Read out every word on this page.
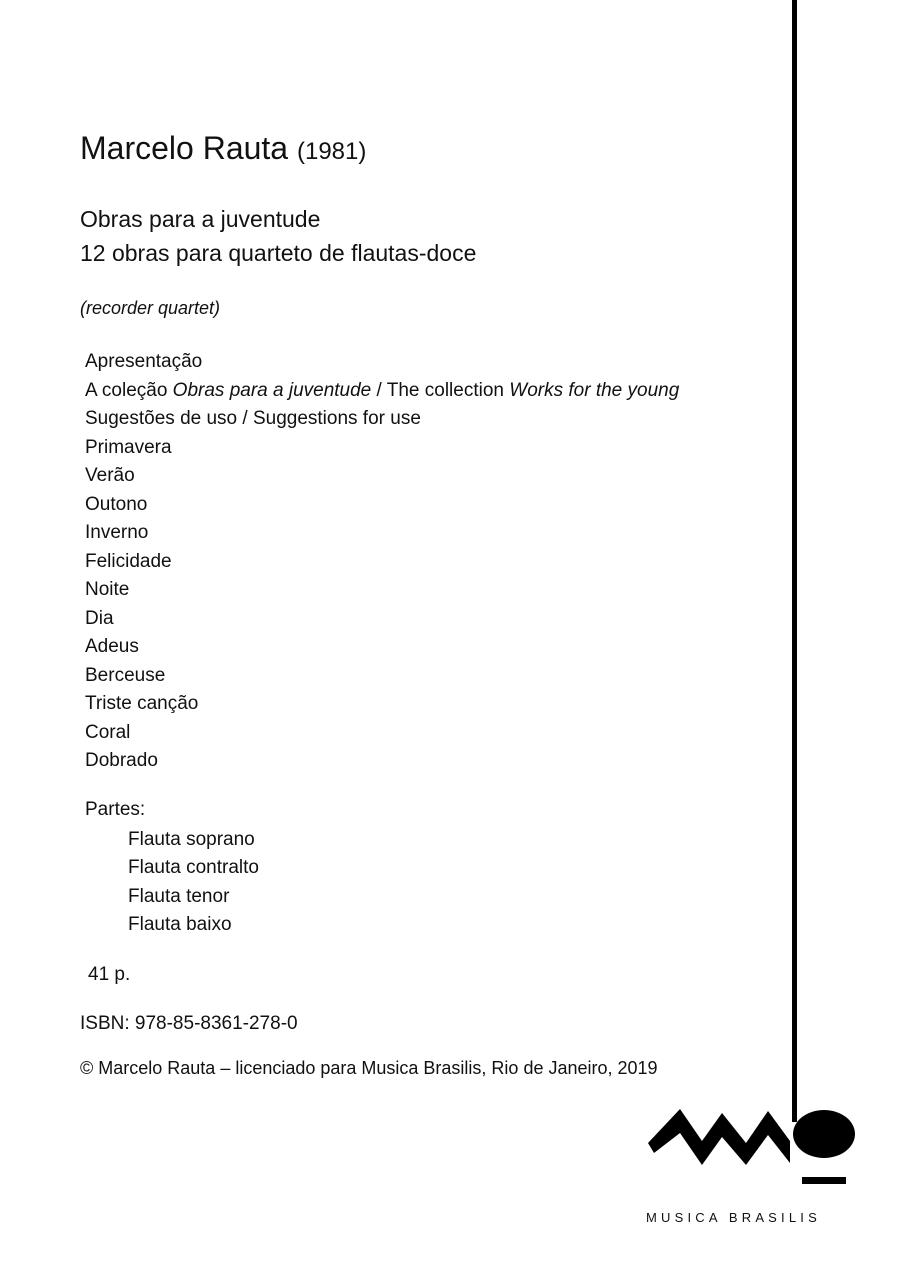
Marcelo Rauta (1981)
Obras para a juventude
12 obras para quarteto de flautas-doce
(recorder quartet)
Apresentação
A coleção Obras para a juventude / The collection Works for the young
Sugestões de uso / Suggestions for use
Primavera
Verão
Outono
Inverno
Felicidade
Noite
Dia
Adeus
Berceuse
Triste canção
Coral
Dobrado
Partes:
Flauta soprano
Flauta contralto
Flauta tenor
Flauta baixo
41 p.
ISBN: 978-85-8361-278-0
© Marcelo Rauta – licenciado para Musica Brasilis, Rio de Janeiro, 2019
MUSICA BRASILIS
